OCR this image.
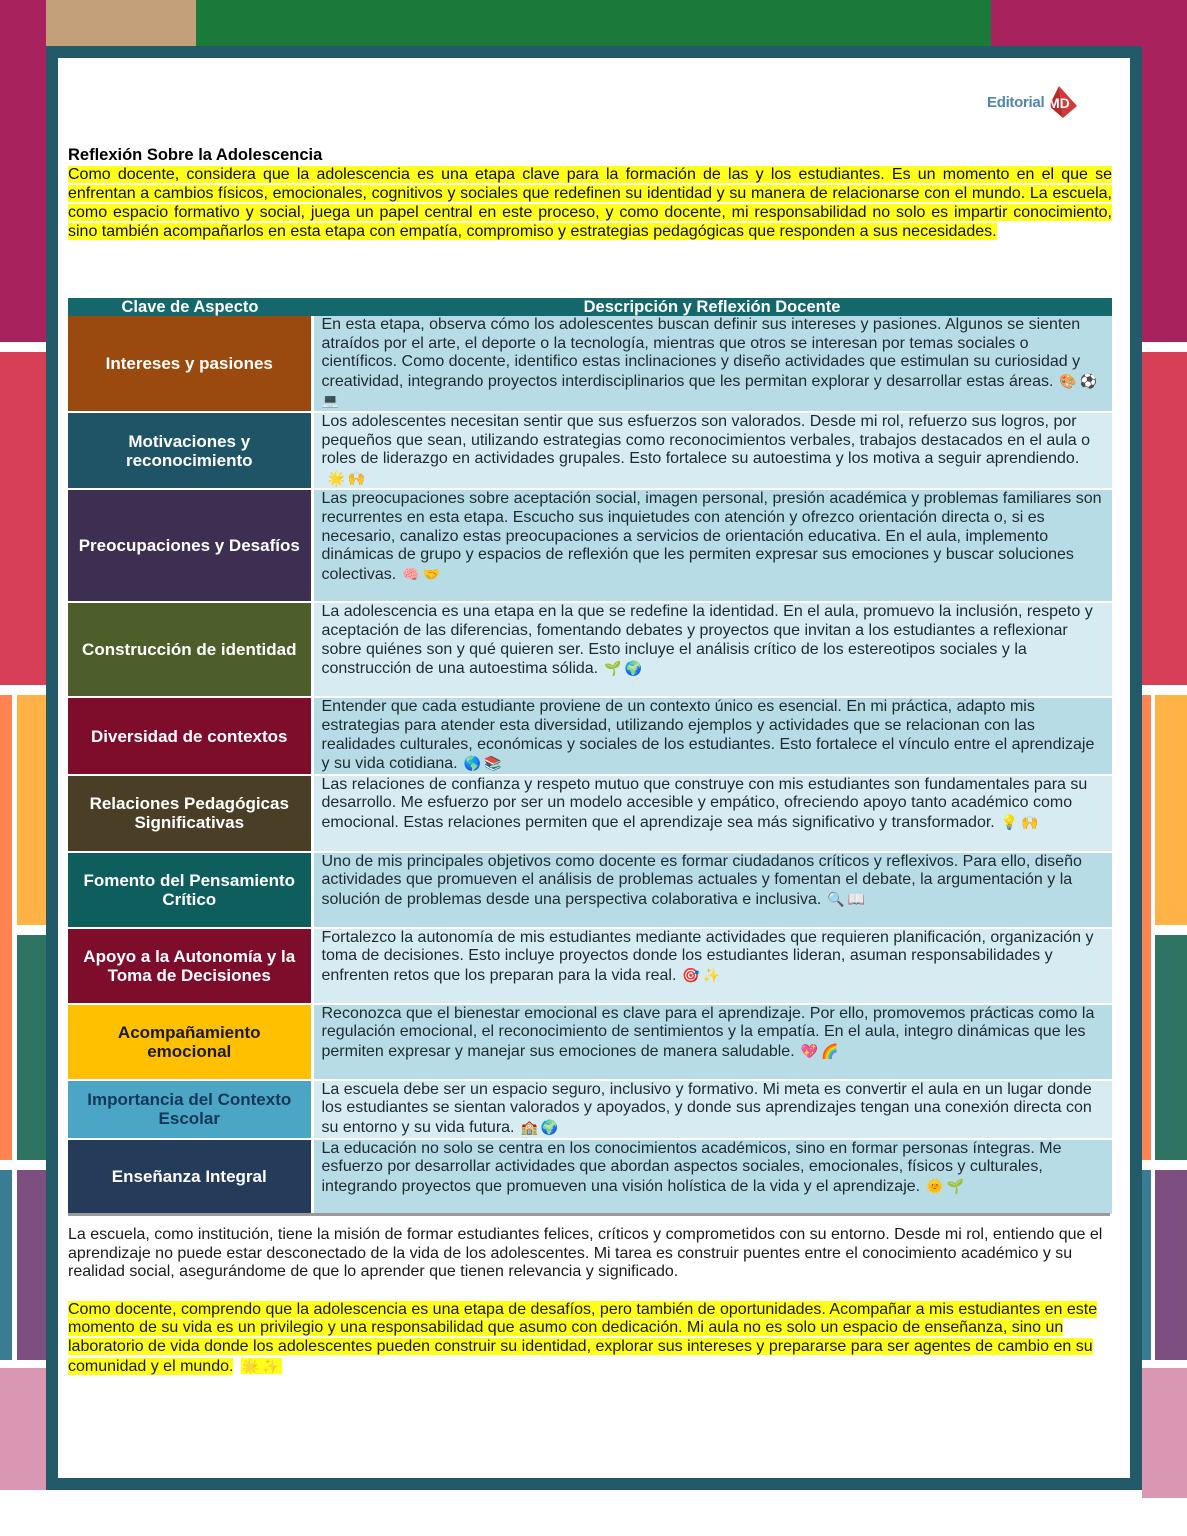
Editorial MD
Reflexión Sobre la Adolescencia
Como docente, considera que la adolescencia es una etapa clave para la formación de las y los estudiantes. Es un momento en el que se enfrentan a cambios físicos, emocionales, cognitivos y sociales que redefinen su identidad y su manera de relacionarse con el mundo. La escuela, como espacio formativo y social, juega un papel central en este proceso, y como docente, mi responsabilidad no solo es impartir conocimiento, sino también acompañarlos en esta etapa con empatía, compromiso y estrategias pedagógicas que responden a sus necesidades.
Clave de Aspecto	Descripción y Reflexión Docente
Intereses y pasiones	En esta etapa, observa cómo los adolescentes buscan definir sus intereses y pasiones. Algunos se sienten atraídos por el arte, el deporte o la tecnología, mientras que otros se interesan por temas sociales o científicos. Como docente, identifico estas inclinaciones y diseño actividades que estimulan su curiosidad y creatividad, integrando proyectos interdisciplinarios que les permitan explorar y desarrollar estas áreas. 🎨⚽💻
Motivaciones y reconocimiento	Los adolescentes necesitan sentir que sus esfuerzos son valorados. Desde mi rol, refuerzo sus logros, por pequeños que sean, utilizando estrategias como reconocimientos verbales, trabajos destacados en el aula o roles de liderazgo en actividades grupales. Esto fortalece su autoestima y los motiva a seguir aprendiendo.🌟🙌
Preocupaciones y Desafíos	Las preocupaciones sobre aceptación social, imagen personal, presión académica y problemas familiares son recurrentes en esta etapa. Escucho sus inquietudes con atención y ofrezco orientación directa o, si es necesario, canalizo estas preocupaciones a servicios de orientación educativa. En el aula, implemento dinámicas de grupo y espacios de reflexión que les permiten expresar sus emociones y buscar soluciones colectivas. 🧠🤝
Construcción de identidad	La adolescencia es una etapa en la que se redefine la identidad. En el aula, promuevo la inclusión, respeto y aceptación de las diferencias, fomentando debates y proyectos que invitan a los estudiantes a reflexionar sobre quiénes son y qué quieren ser. Esto incluye el análisis crítico de los estereotipos sociales y la construcción de una autoestima sólida. 🌱🌍
Diversidad de contextos	Entender que cada estudiante proviene de un contexto único es esencial. En mi práctica, adapto mis estrategias para atender esta diversidad, utilizando ejemplos y actividades que se relacionan con las realidades culturales, económicas y sociales de los estudiantes. Esto fortalece el vínculo entre el aprendizaje y su vida cotidiana. 🌎📚
Relaciones Pedagógicas Significativas	Las relaciones de confianza y respeto mutuo que construye con mis estudiantes son fundamentales para su desarrollo. Me esfuerzo por ser un modelo accesible y empático, ofreciendo apoyo tanto académico como emocional. Estas relaciones permiten que el aprendizaje sea más significativo y transformador. 💡🙌
Fomento del Pensamiento Crítico	Uno de mis principales objetivos como docente es formar ciudadanos críticos y reflexivos. Para ello, diseño actividades que promueven el análisis de problemas actuales y fomentan el debate, la argumentación y la solución de problemas desde una perspectiva colaborativa e inclusiva. 🔍📖
Apoyo a la Autonomía y la Toma de Decisiones	Fortalezco la autonomía de mis estudiantes mediante actividades que requieren planificación, organización y toma de decisiones. Esto incluye proyectos donde los estudiantes lideran, asuman responsabilidades y enfrenten retos que los preparan para la vida real. 🎯✨
Acompañamiento emocional	Reconozca que el bienestar emocional es clave para el aprendizaje. Por ello, promovemos prácticas como la regulación emocional, el reconocimiento de sentimientos y la empatía. En el aula, integro dinámicas que les permiten expresar y manejar sus emociones de manera saludable. 💖🌈
Importancia del Contexto Escolar	La escuela debe ser un espacio seguro, inclusivo y formativo. Mi meta es convertir el aula en un lugar donde los estudiantes se sientan valorados y apoyados, y donde sus aprendizajes tengan una conexión directa con su entorno y su vida futura. 🏫🌍
Enseñanza Integral	La educación no solo se centra en los conocimientos académicos, sino en formar personas íntegras. Me esfuerzo por desarrollar actividades que abordan aspectos sociales, emocionales, físicos y culturales, integrando proyectos que promueven una visión holística de la vida y el aprendizaje. 🌞🌱

La escuela, como institución, tiene la misión de formar estudiantes felices, críticos y comprometidos con su entorno. Desde mi rol, entiendo que el aprendizaje no puede estar desconectado de la vida de los adolescentes. Mi tarea es construir puentes entre el conocimiento académico y su realidad social, asegurándome de que lo aprender que tienen relevancia y significado.

Como docente, comprendo que la adolescencia es una etapa de desafíos, pero también de oportunidades. Acompañar a mis estudiantes en este momento de su vida es un privilegio y una responsabilidad que asumo con dedicación. Mi aula no es solo un espacio de enseñanza, sino un laboratorio de vida donde los adolescentes pueden construir su identidad, explorar sus intereses y prepararse para ser agentes de cambio en su comunidad y el mundo. 🌟✨
